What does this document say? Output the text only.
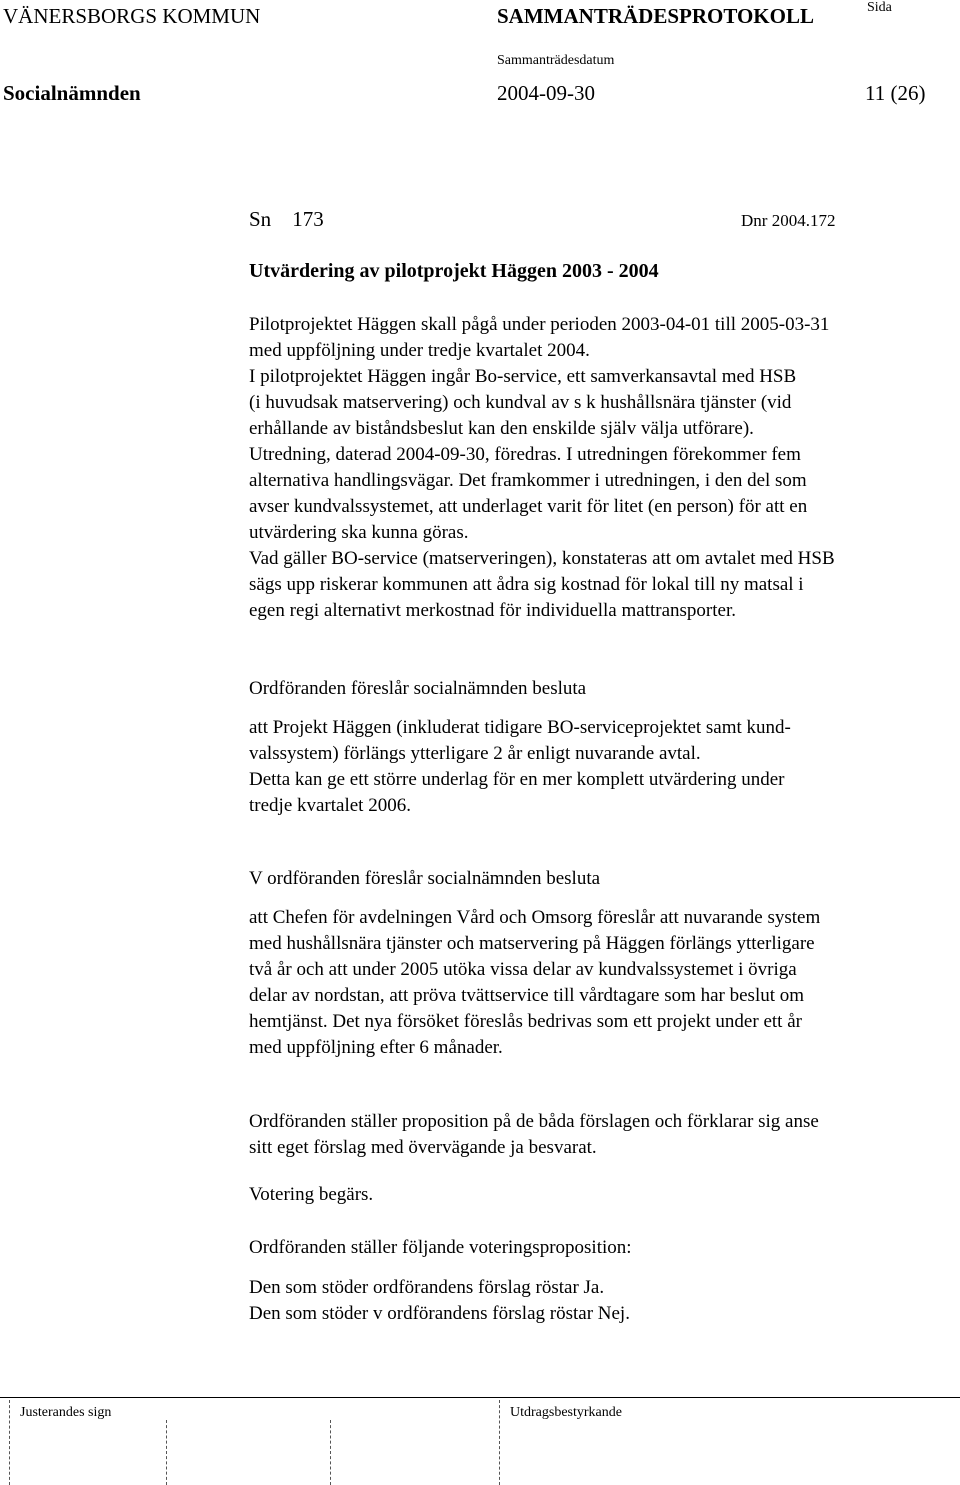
VÄNERSBORGS KOMMUN	SAMMANTRÄDESPROTOKOLL	Sida
Sammanträdesdatum
Socialnämnden	2004-09-30	11 (26)
Sn 173	Dnr 2004.172
Utvärdering av pilotprojekt Häggen 2003 - 2004
Pilotprojektet Häggen skall pågå under perioden 2003-04-01 till 2005-03-31
med uppföljning under tredje kvartalet 2004.
I pilotprojektet Häggen ingår Bo-service, ett samverkansavtal med HSB
(i huvudsak matservering) och kundval av s k hushållsnära tjänster (vid
erhållande av biståndsbeslut kan den enskilde själv välja utförare).
Utredning, daterad 2004-09-30, föredras. I utredningen förekommer fem
alternativa handlingsvägar. Det framkommer i utredningen, i den del som
avser kundvalssystemet, att underlaget varit för litet (en person) för att en
utvärdering ska kunna göras.
Vad gäller BO-service (matserveringen), konstateras att om avtalet med HSB
sägs upp riskerar kommunen att ådra sig kostnad för lokal till ny matsal i
egen regi alternativt merkostnad för individuella mattransporter.
Ordföranden föreslår socialnämnden besluta
att Projekt Häggen (inkluderat tidigare BO-serviceprojektet samt kund-
valssystem) förlängs ytterligare 2 år enligt nuvarande avtal.
Detta kan ge ett större underlag för en mer komplett utvärdering under
tredje kvartalet 2006.
V ordföranden föreslår socialnämnden besluta
att Chefen för avdelningen Vård och Omsorg föreslår att nuvarande system
med hushållsnära tjänster och matservering på Häggen förlängs ytterligare
två år och att under 2005 utöka vissa delar av kundvalssystemet i övriga
delar av nordstan, att pröva tvättservice till vårdtagare som har beslut om
hemtjänst. Det nya försöket föreslås bedrivas som ett projekt under ett år
med uppföljning efter 6 månader.
Ordföranden ställer proposition på de båda förslagen och förklarar sig anse
sitt eget förslag med övervägande ja besvarat.
Votering begärs.
Ordföranden ställer följande voteringsproposition:
Den som stöder ordförandens förslag röstar Ja.
Den som stöder v ordförandens förslag röstar Nej.
Justerandes sign	Utdragsbestyrkande
